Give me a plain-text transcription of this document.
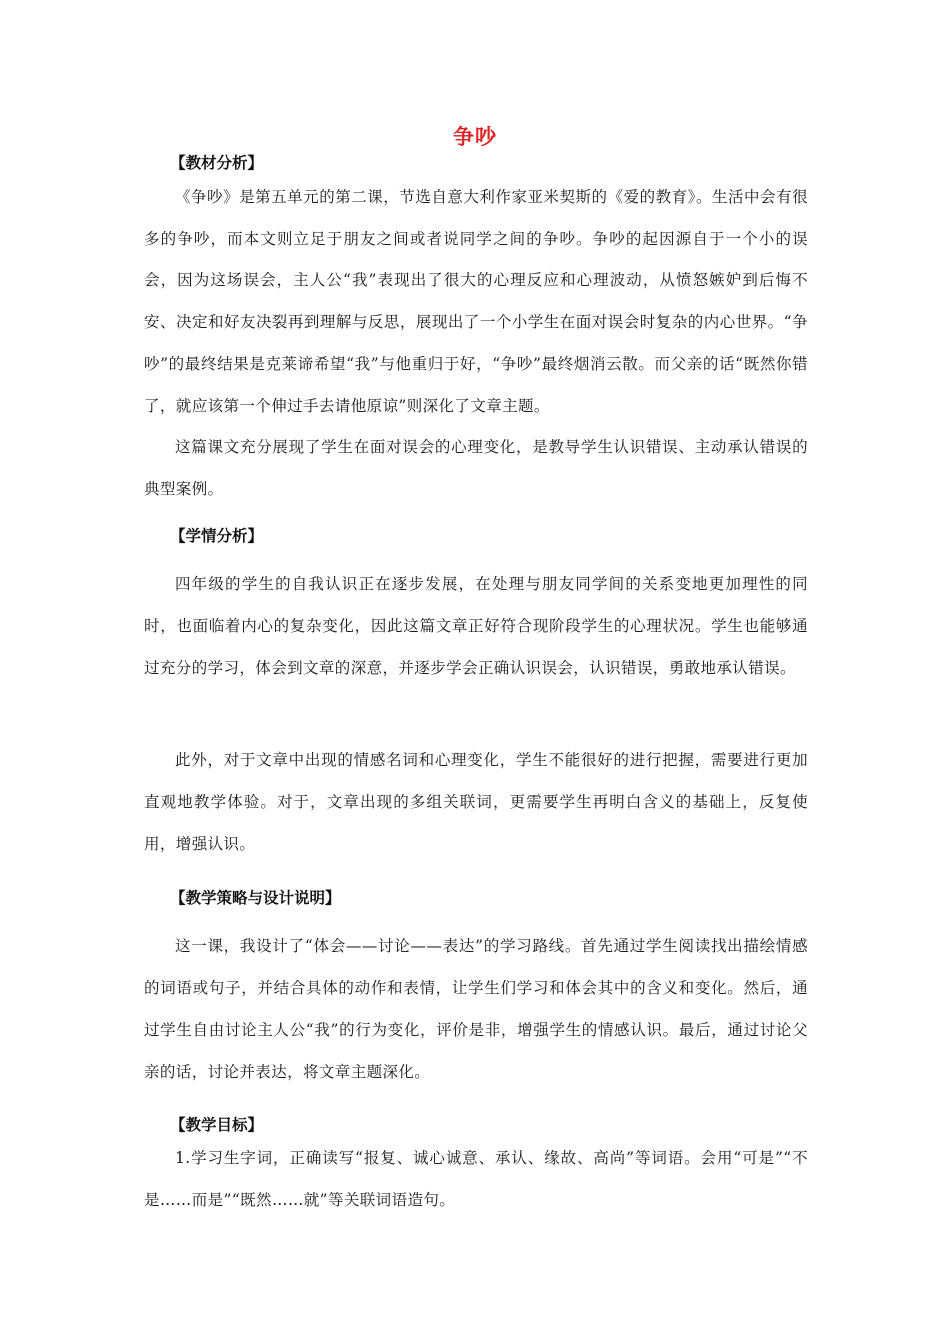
争吵
【教材分析】

《争吵》是第五单元的第二课，节选自意大利作家亚米契斯的《爱的教育》。生活中会有很多的争吵，而本文则立足于朋友之间或者说同学之间的争吵。争吵的起因源自于一个小的误会，因为这场误会，主人公“我”表现出了很大的心理反应和心理波动，从愤怒嫉妒到后悔不安、决定和好友决裂再到理解与反思，展现出了一个小学生在面对误会时复杂的内心世界。“争吵”的最终结果是克莱谛希望“我”与他重归于好，“争吵”最终烟消云散。而父亲的话“既然你错了，就应该第一个伸过手去请他原谅”则深化了文章主题。

这篇课文充分展现了学生在面对误会的心理变化，是教导学生认识错误、主动承认错误的典型案例。

【学情分析】

四年级的学生的自我认识正在逐步发展，在处理与朋友同学间的关系变地更加理性的同时，也面临着内心的复杂变化，因此这篇文章正好符合现阶段学生的心理状况。学生也能够通过充分的学习，体会到文章的深意，并逐步学会正确认识误会，认识错误，勇敢地承认错误。

此外，对于文章中出现的情感名词和心理变化，学生不能很好的进行把握，需要进行更加直观地教学体验。对于，文章出现的多组关联词，更需要学生再明白含义的基础上，反复使用，增强认识。

【教学策略与设计说明】

这一课，我设计了“体会——讨论——表达”的学习路线。首先通过学生阅读找出描绘情感的词语或句子，并结合具体的动作和表情，让学生们学习和体会其中的含义和变化。然后，通过学生自由讨论主人公“我”的行为变化，评价是非，增强学生的情感认识。最后，通过讨论父亲的话，讨论并表达，将文章主题深化。

【教学目标】

1.学习生字词，正确读写“报复、诚心诚意、承认、缘故、高尚”等词语。会用“可是”“不是……而是”“既然……就”等关联词语造句。
